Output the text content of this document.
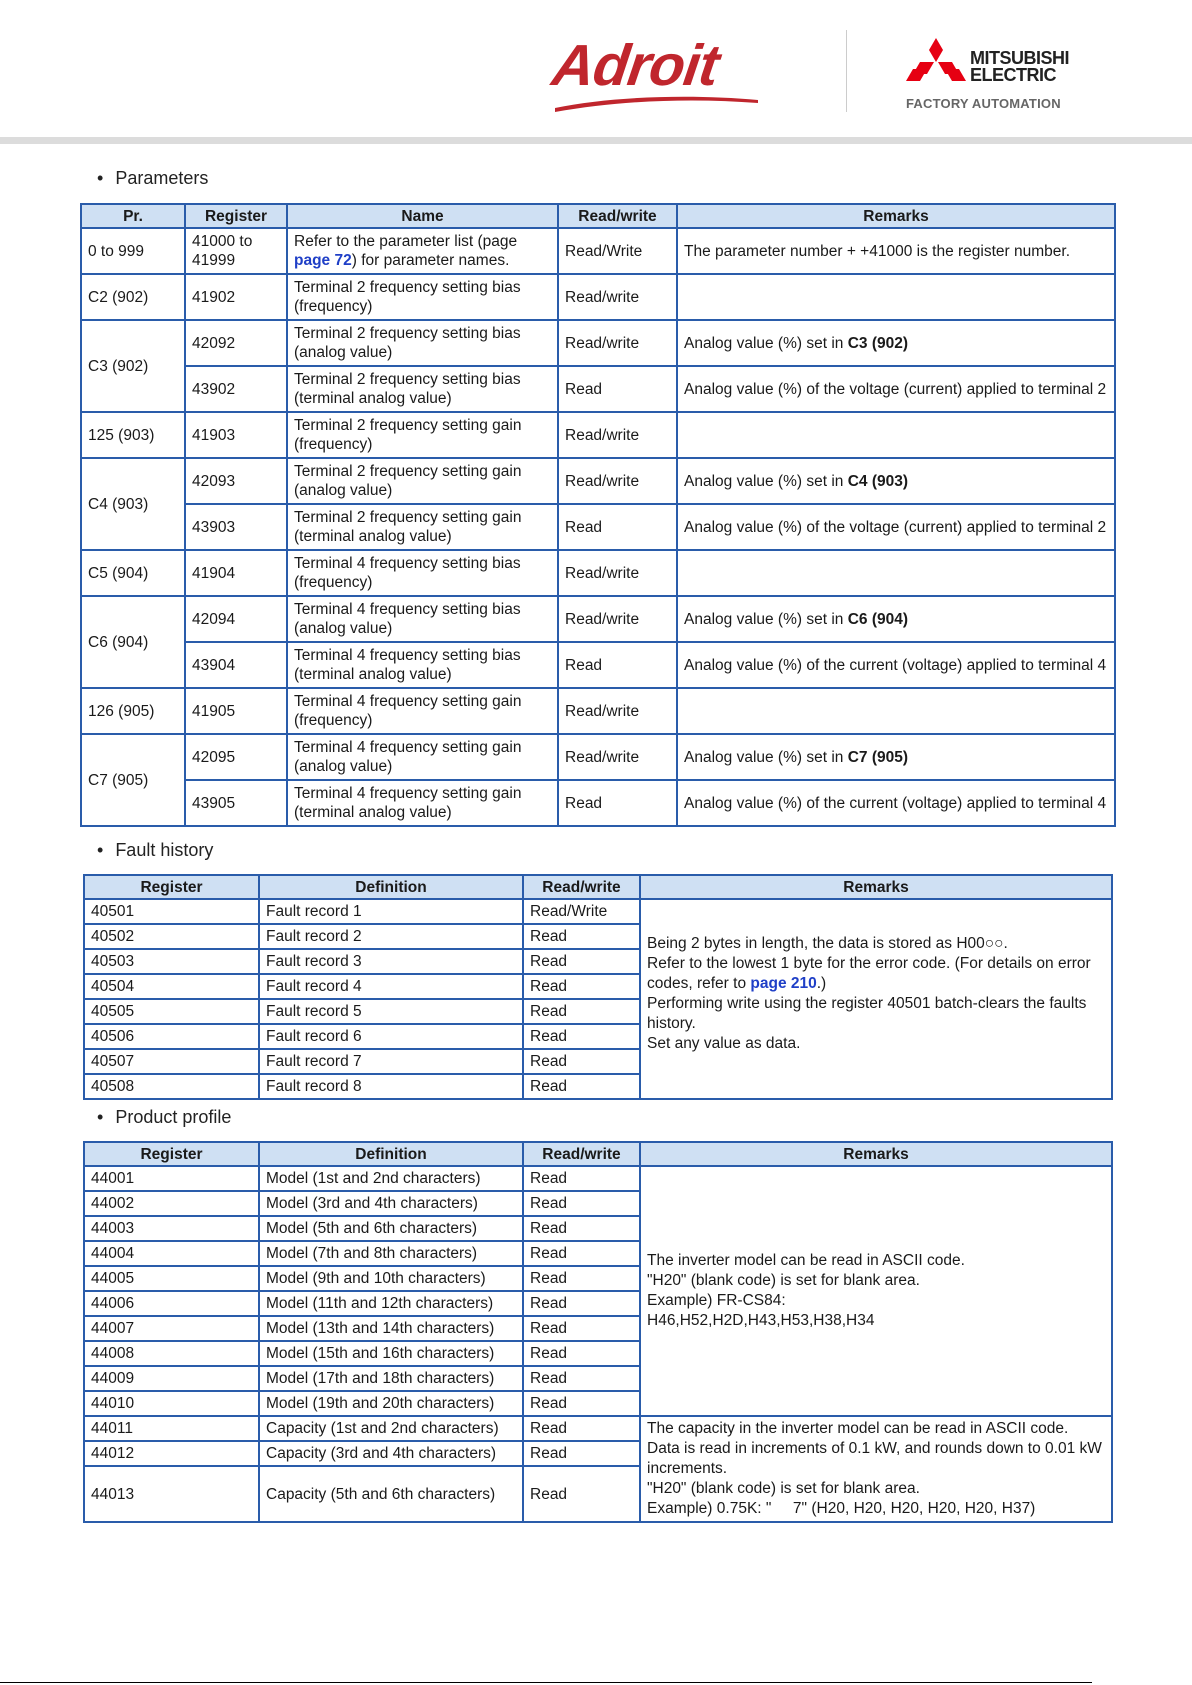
Adroit	MITSUBISHI
ELECTRIC
FACTORY AUTOMATION
• Parameters
Pr.	Register	Name	Read/write	Remarks
0 to 999	41000 to 41999	Refer to the parameter list (page page 72) for parameter names.	Read/Write	The parameter number + +41000 is the register number.
C2 (902)	41902	Terminal 2 frequency setting bias (frequency)	Read/write	
C3 (902)	42092	Terminal 2 frequency setting bias (analog value)	Read/write	Analog value (%) set in C3 (902)
	43902	Terminal 2 frequency setting bias (terminal analog value)	Read	Analog value (%) of the voltage (current) applied to terminal 2
125 (903)	41903	Terminal 2 frequency setting gain (frequency)	Read/write	
C4 (903)	42093	Terminal 2 frequency setting gain (analog value)	Read/write	Analog value (%) set in C4 (903)
	43903	Terminal 2 frequency setting gain (terminal analog value)	Read	Analog value (%) of the voltage (current) applied to terminal 2
C5 (904)	41904	Terminal 4 frequency setting bias (frequency)	Read/write	
C6 (904)	42094	Terminal 4 frequency setting bias (analog value)	Read/write	Analog value (%) set in C6 (904)
	43904	Terminal 4 frequency setting bias (terminal analog value)	Read	Analog value (%) of the current (voltage) applied to terminal 4
126 (905)	41905	Terminal 4 frequency setting gain (frequency)	Read/write	
C7 (905)	42095	Terminal 4 frequency setting gain (analog value)	Read/write	Analog value (%) set in C7 (905)
	43905	Terminal 4 frequency setting gain (terminal analog value)	Read	Analog value (%) of the current (voltage) applied to terminal 4
• Fault history
Register	Definition	Read/write	Remarks
40501	Fault record 1	Read/Write	Being 2 bytes in length, the data is stored as H00○○.
Refer to the lowest 1 byte for the error code. (For details on error codes, refer to page 210.)
Performing write using the register 40501 batch-clears the faults history.
Set any value as data.
40502	Fault record 2	Read	
40503	Fault record 3	Read	
40504	Fault record 4	Read	
40505	Fault record 5	Read	
40506	Fault record 6	Read	
40507	Fault record 7	Read	
40508	Fault record 8	Read	
• Product profile
Register	Definition	Read/write	Remarks
44001	Model (1st and 2nd characters)	Read	The inverter model can be read in ASCII code.
"H20" (blank code) is set for blank area.
Example) FR-CS84:
H46,H52,H2D,H43,H53,H38,H34
44002	Model (3rd and 4th characters)	Read	
44003	Model (5th and 6th characters)	Read	
44004	Model (7th and 8th characters)	Read	
44005	Model (9th and 10th characters)	Read	
44006	Model (11th and 12th characters)	Read	
44007	Model (13th and 14th characters)	Read	
44008	Model (15th and 16th characters)	Read	
44009	Model (17th and 18th characters)	Read	
44010	Model (19th and 20th characters)	Read	
44011	Capacity (1st and 2nd characters)	Read	The capacity in the inverter model can be read in ASCII code.
Data is read in increments of 0.1 kW, and rounds down to 0.01 kW increments.
"H20" (blank code) is set for blank area.
Example) 0.75K: "     7" (H20, H20, H20, H20, H20, H37)
44012	Capacity (3rd and 4th characters)	Read	
44013	Capacity (5th and 6th characters)	Read	
